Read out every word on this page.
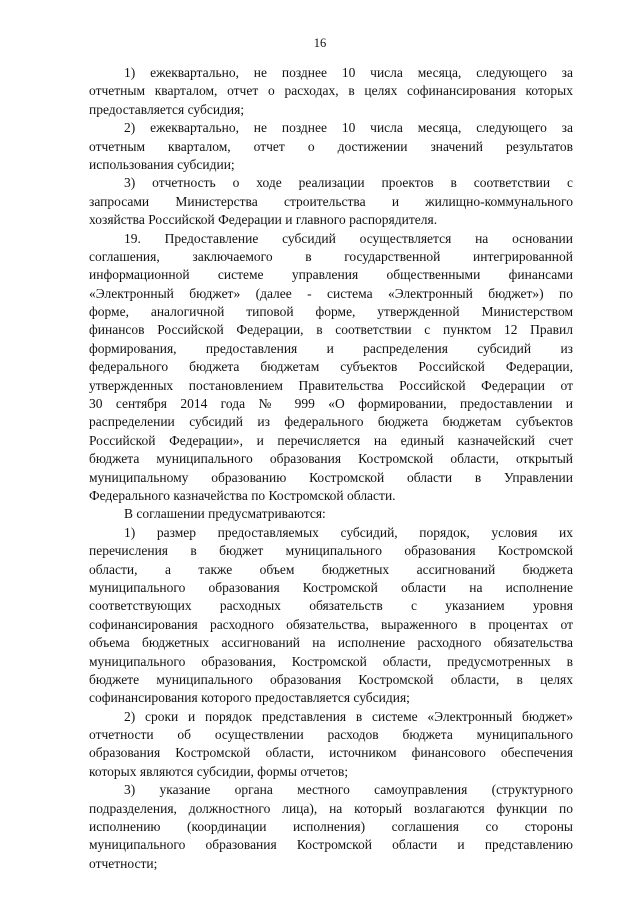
16
1) ежеквартально, не позднее 10 числа месяца, следующего за
отчетным кварталом, отчет о расходах, в целях софинансирования которых
предоставляется субсидия;
2) ежеквартально, не позднее 10 числа месяца, следующего за
отчетным кварталом, отчет о достижении значений результатов
использования субсидии;
3) отчетность о ходе реализации проектов в соответствии с
запросами Министерства строительства и жилищно-коммунального
хозяйства Российской Федерации и главного распорядителя.
19. Предоставление субсидий осуществляется на основании
соглашения, заключаемого в государственной интегрированной
информационной системе управления общественными финансами
«Электронный бюджет» (далее - система «Электронный бюджет») по
форме, аналогичной типовой форме, утвержденной Министерством
финансов Российской Федерации, в соответствии с пунктом 12 Правил
формирования, предоставления и распределения субсидий из
федерального бюджета бюджетам субъектов Российской Федерации,
утвержденных постановлением Правительства Российской Федерации от
30 сентября 2014 года № 999 «О формировании, предоставлении и
распределении субсидий из федерального бюджета бюджетам субъектов
Российской Федерации», и перечисляется на единый казначейский счет
бюджета муниципального образования Костромской области, открытый
муниципальному образованию Костромской области в Управлении
Федерального казначейства по Костромской области.
В соглашении предусматриваются:
1) размер предоставляемых субсидий, порядок, условия их
перечисления в бюджет муниципального образования Костромской
области, а также объем бюджетных ассигнований бюджета
муниципального образования Костромской области на исполнение
соответствующих расходных обязательств с указанием уровня
софинансирования расходного обязательства, выраженного в процентах от
объема бюджетных ассигнований на исполнение расходного обязательства
муниципального образования, Костромской области, предусмотренных в
бюджете муниципального образования Костромской области, в целях
софинансирования которого предоставляется субсидия;
2) сроки и порядок представления в системе «Электронный бюджет»
отчетности об осуществлении расходов бюджета муниципального
образования Костромской области, источником финансового обеспечения
которых являются субсидии, формы отчетов;
3) указание органа местного самоуправления (структурного
подразделения, должностного лица), на который возлагаются функции по
исполнению (координации исполнения) соглашения со стороны
муниципального образования Костромской области и представлению
отчетности;
